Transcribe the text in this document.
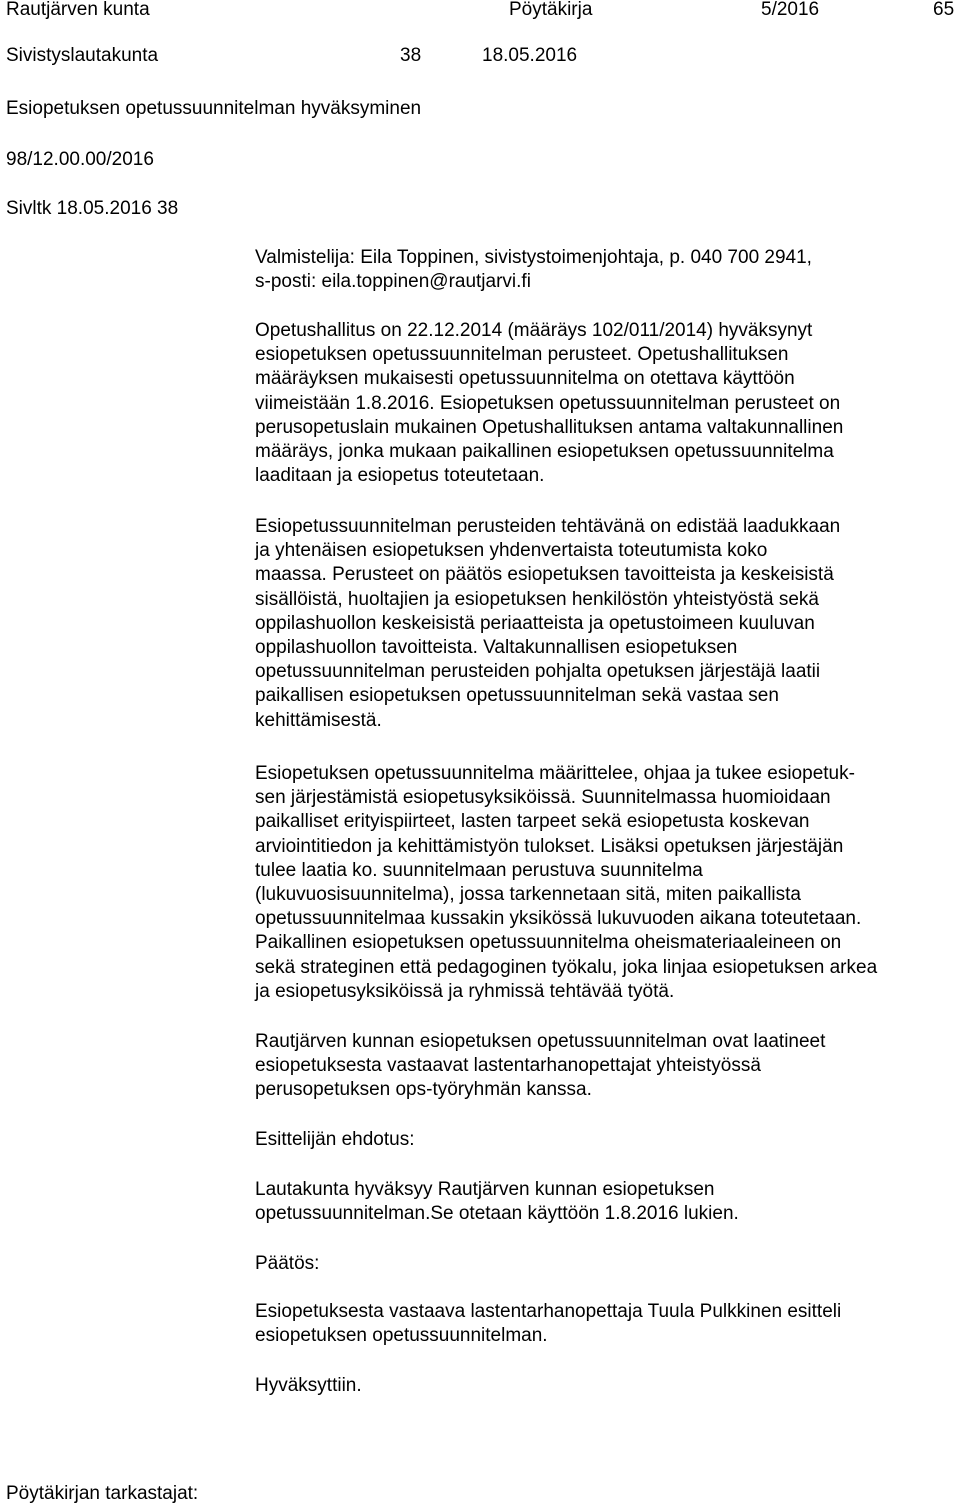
Rautjärven kunta	Pöytäkirja	5/2016	65
Sivistyslautakunta	38	18.05.2016
Esiopetuksen opetussuunnitelman hyväksyminen
98/12.00.00/2016
Sivltk 18.05.2016 38
Valmistelija: Eila Toppinen, sivistystoimenjohtaja, p. 040 700 2941,
s-posti: eila.toppinen@rautjarvi.fi
Opetushallitus on 22.12.2014 (määräys 102/011/2014) hyväksynyt
esiopetuksen opetussuunnitelman perusteet. Opetushallituksen
määräyksen mukaisesti opetussuunnitelma on otettava käyttöön
viimeistään 1.8.2016. Esiopetuksen opetussuunnitelman perusteet on
perusopetuslain mukainen Opetushallituksen antama valtakunnallinen
määräys, jonka mukaan paikallinen esiopetuksen opetussuunnitelma
laaditaan ja esiopetus toteutetaan.
Esiopetussuunnitelman perusteiden tehtävänä on edistää laadukkaan
ja yhtenäisen esiopetuksen yhdenvertaista toteutumista koko
maassa. Perusteet on päätös esiopetuksen tavoitteista ja keskeisistä
sisällöistä, huoltajien ja esiopetuksen henkilöstön yhteistyöstä sekä
oppilashuollon keskeisistä periaatteista ja opetustoimeen kuuluvan
oppilashuollon tavoitteista. Valtakunnallisen esiopetuksen
opetussuunnitelman perusteiden pohjalta opetuksen järjestäjä laatii
paikallisen esiopetuksen opetussuunnitelman sekä vastaa sen
kehittämisestä.
Esiopetuksen opetussuunnitelma määrittelee, ohjaa ja tukee esiopetuk-
sen järjestämistä esiopetusyksiköissä. Suunnitelmassa huomioidaan
paikalliset erityispiirteet, lasten tarpeet sekä esiopetusta koskevan
arviointitiedon ja kehittämistyön tulokset. Lisäksi opetuksen järjestäjän
tulee laatia ko. suunnitelmaan perustuva suunnitelma
(lukuvuosisuunnitelma), jossa tarkennetaan sitä, miten paikallista
opetussuunnitelmaa kussakin yksikössä lukuvuoden aikana toteutetaan.
Paikallinen esiopetuksen opetussuunnitelma oheismateriaaleineen on
sekä strateginen että pedagoginen työkalu, joka linjaa esiopetuksen arkea
ja esiopetusyksiköissä ja ryhmissä tehtävää työtä.
Rautjärven kunnan esiopetuksen opetussuunnitelman ovat laatineet
esiopetuksesta vastaavat lastentarhanopettajat yhteistyössä
perusopetuksen ops-työryhmän kanssa.
Esittelijän ehdotus:
Lautakunta hyväksyy Rautjärven kunnan esiopetuksen
opetussuunnitelman.Se otetaan käyttöön 1.8.2016 lukien.
Päätös:
Esiopetuksesta vastaava lastentarhanopettaja Tuula Pulkkinen esitteli
esiopetuksen opetussuunnitelman.
Hyväksyttiin.
Pöytäkirjan tarkastajat:
